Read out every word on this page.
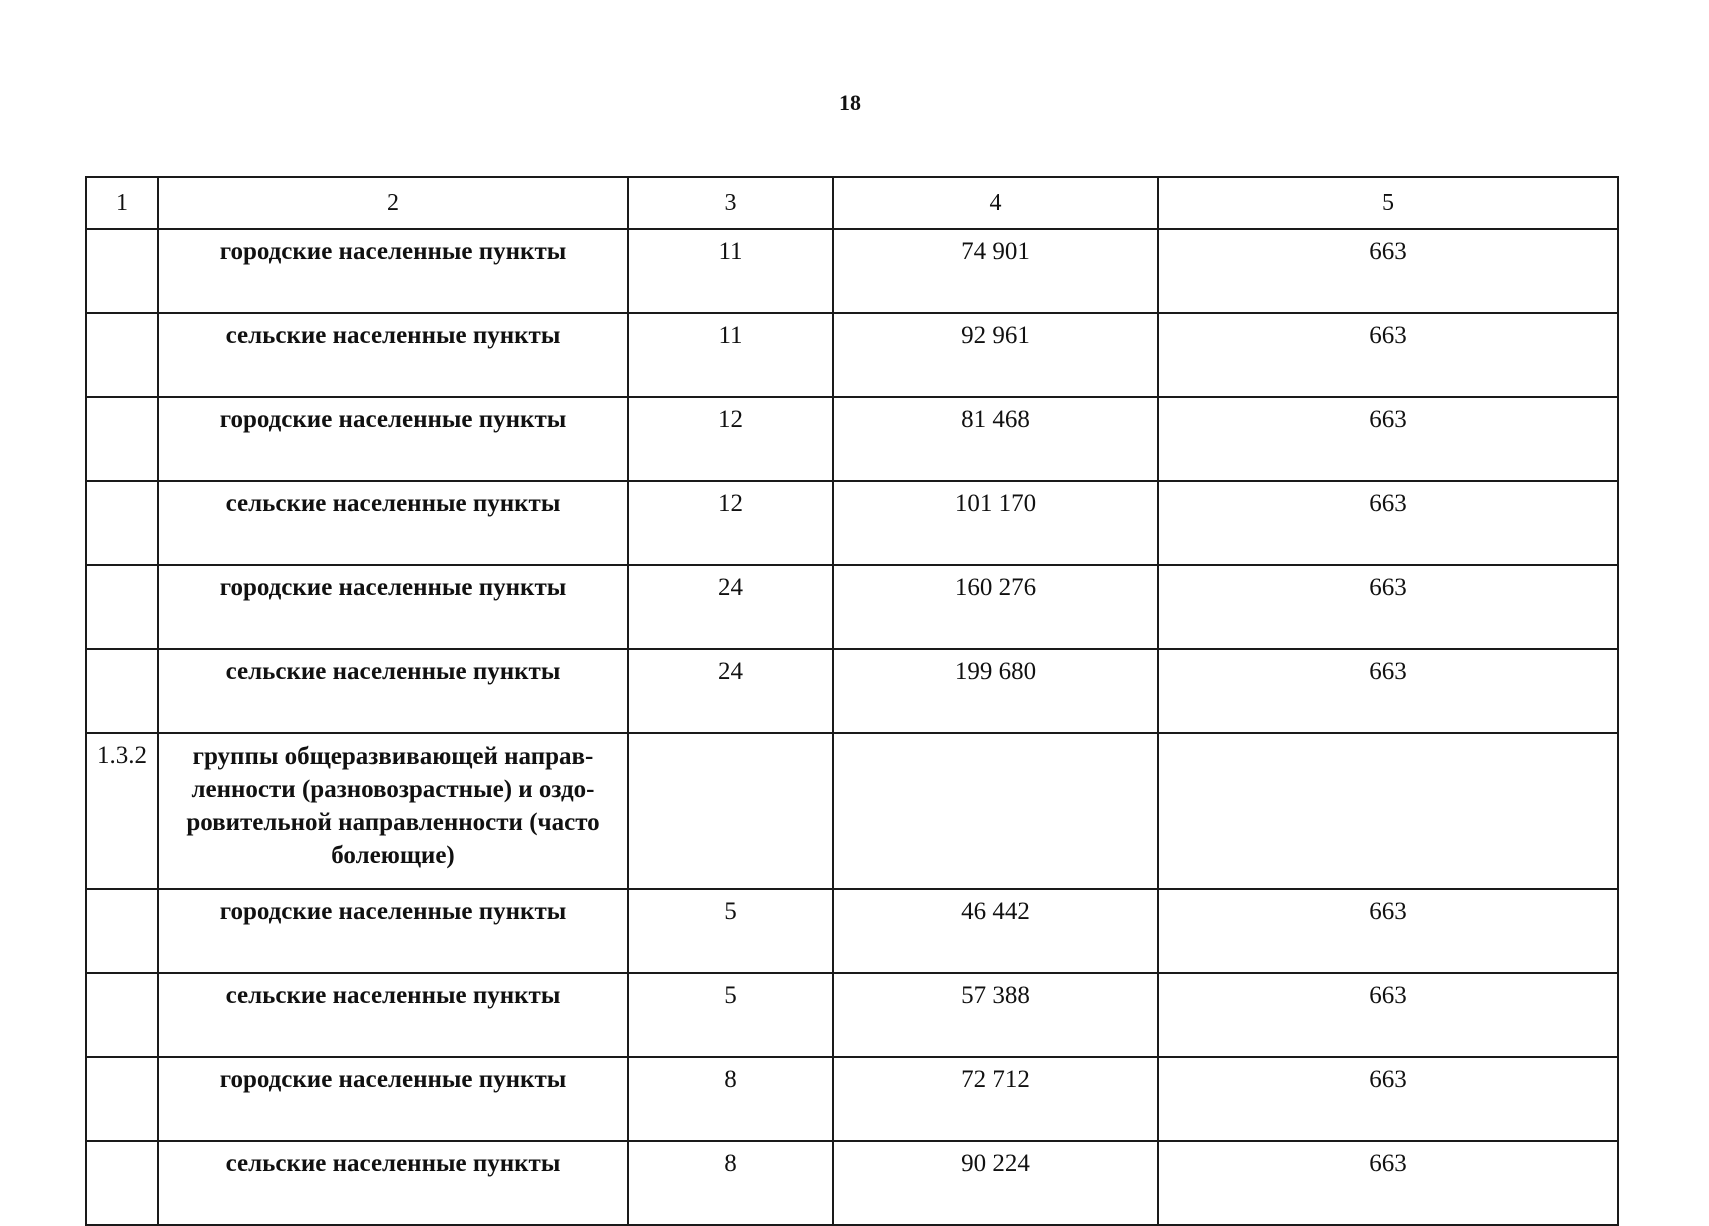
18
1	2	3	4	5
	городские населенные пункты	11	74 901	663
	сельские населенные пункты	11	92 961	663
	городские населенные пункты	12	81 468	663
	сельские населенные пункты	12	101 170	663
	городские населенные пункты	24	160 276	663
	сельские населенные пункты	24	199 680	663
1.3.2	группы общеразвивающей направ-
ленности (разновозрастные) и оздо-
ровительной направленности (часто
болеющие)			

	городские населенные пункты	5	46 442	663
	сельские населенные пункты	5	57 388	663
	городские населенные пункты	8	72 712	663
	сельские населенные пункты	8	90 224	663
